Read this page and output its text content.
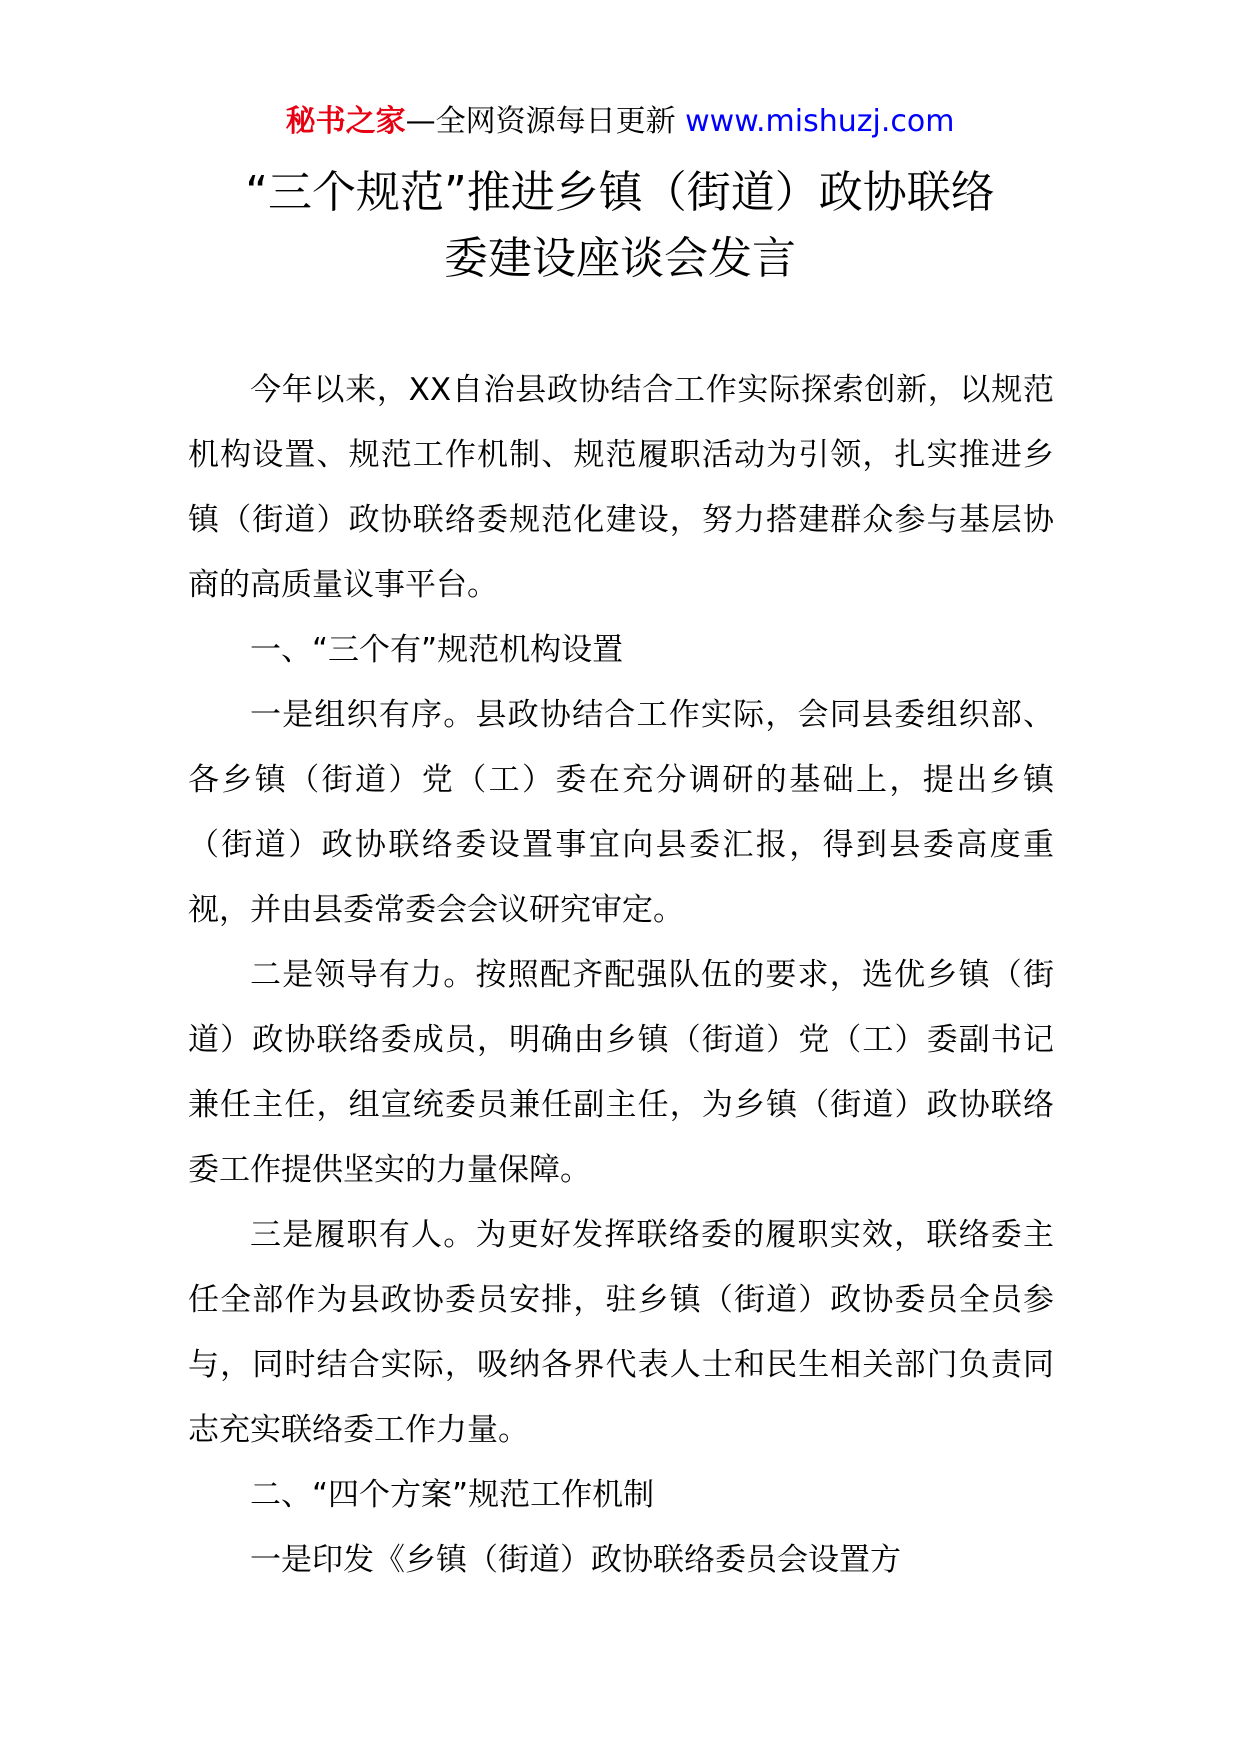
秘书之家—全网资源每日更新 www.mishuzj.com
“三个规范”推进乡镇（街道）政协联络
委建设座谈会发言

今年以来，XX自治县政协结合工作实际探索创新，以规范机构设置、规范工作机制、规范履职活动为引领，扎实推进乡镇（街道）政协联络委规范化建设，努力搭建群众参与基层协商的高质量议事平台。

一、“三个有”规范机构设置

一是组织有序。县政协结合工作实际，会同县委组织部、各乡镇（街道）党（工）委在充分调研的基础上，提出乡镇（街道）政协联络委设置事宜向县委汇报，得到县委高度重视，并由县委常委会会议研究审定。

二是领导有力。按照配齐配强队伍的要求，选优乡镇（街道）政协联络委成员，明确由乡镇（街道）党（工）委副书记兼任主任，组宣统委员兼任副主任，为乡镇（街道）政协联络委工作提供坚实的力量保障。

三是履职有人。为更好发挥联络委的履职实效，联络委主任全部作为县政协委员安排，驻乡镇（街道）政协委员全员参与，同时结合实际，吸纳各界代表人士和民生相关部门负责同志充实联络委工作力量。

二、“四个方案”规范工作机制

一是印发《乡镇（街道）政协联络委员会设置方
